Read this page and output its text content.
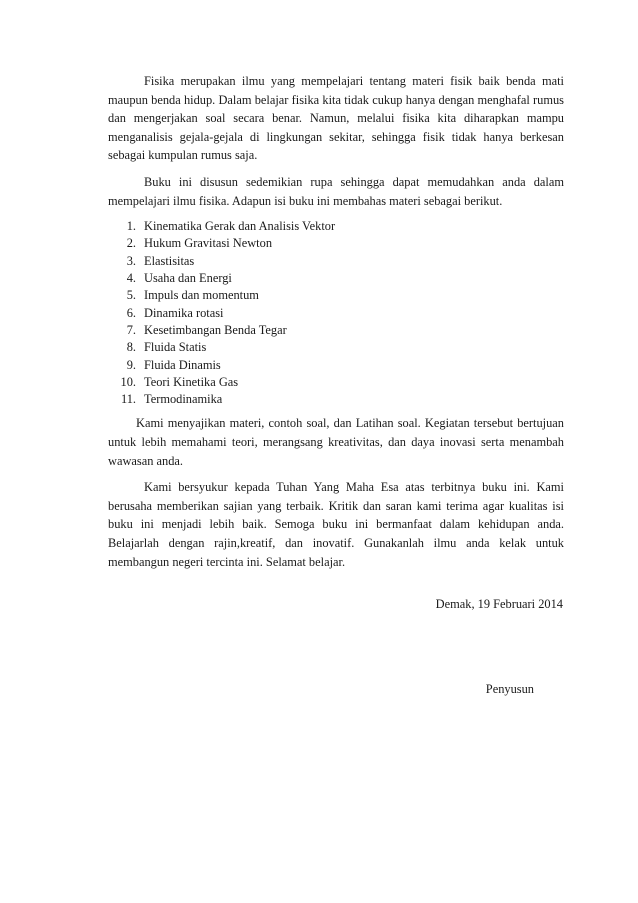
Fisika merupakan ilmu yang mempelajari tentang materi fisik baik benda mati maupun benda hidup. Dalam belajar fisika kita tidak cukup hanya dengan menghafal rumus dan mengerjakan soal secara benar. Namun, melalui fisika kita diharapkan mampu menganalisis gejala-gejala di lingkungan sekitar, sehingga fisik tidak hanya berkesan sebagai kumpulan rumus saja.

Buku ini disusun sedemikian rupa sehingga dapat memudahkan anda dalam mempelajari ilmu fisika. Adapun isi buku ini membahas materi sebagai berikut.

1. Kinematika Gerak dan Analisis Vektor
2. Hukum Gravitasi Newton
3. Elastisitas
4. Usaha dan Energi
5. Impuls dan momentum
6. Dinamika rotasi
7. Kesetimbangan Benda Tegar
8. Fluida Statis
9. Fluida Dinamis
10. Teori Kinetika Gas
11. Termodinamika

Kami menyajikan materi, contoh soal, dan Latihan soal. Kegiatan tersebut bertujuan untuk lebih memahami teori, merangsang kreativitas, dan daya inovasi serta menambah wawasan anda.

Kami bersyukur kepada Tuhan Yang Maha Esa atas terbitnya buku ini. Kami berusaha memberikan sajian yang terbaik. Kritik dan saran kami terima agar kualitas isi buku ini menjadi lebih baik. Semoga buku ini bermanfaat dalam kehidupan anda. Belajarlah dengan rajin,kreatif, dan inovatif. Gunakanlah ilmu anda kelak untuk membangun negeri tercinta ini. Selamat belajar.

Demak, 19 Februari 2014
Penyusun
